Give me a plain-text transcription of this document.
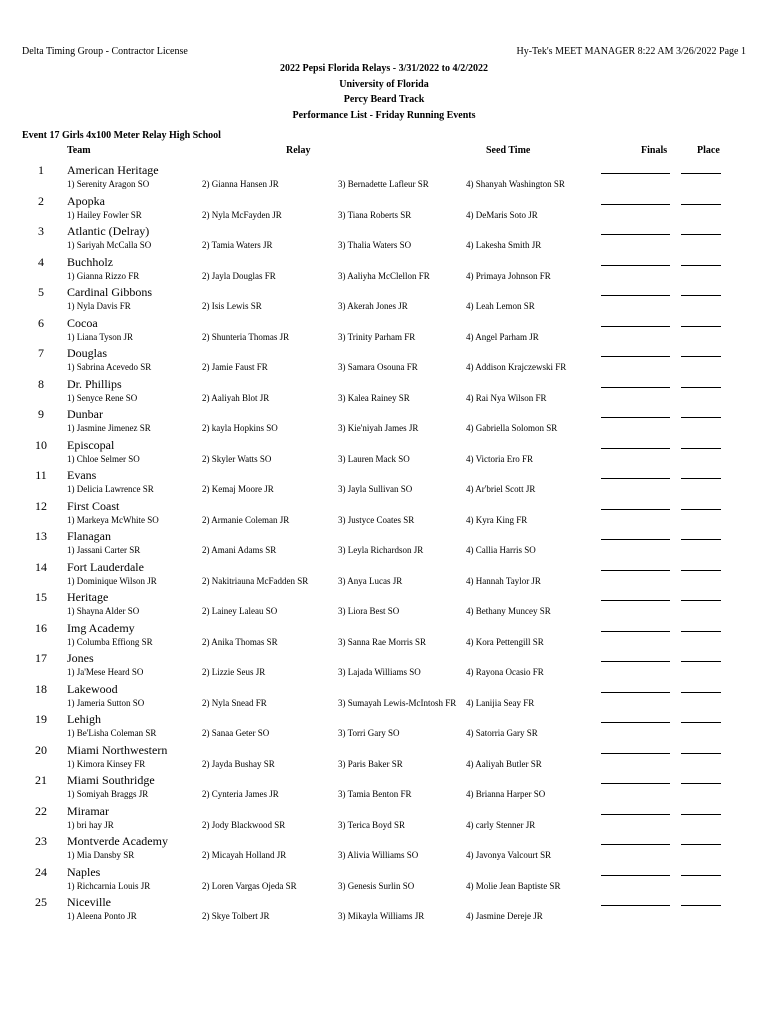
Delta Timing Group - Contractor License	Hy-Tek's MEET MANAGER 8:22 AM 3/26/2022 Page 1
2022 Pepsi Florida Relays - 3/31/2022 to 4/2/2022
University of Florida
Percy Beard Track
Performance List - Friday Running Events
Event 17 Girls 4x100 Meter Relay High School
Team	Relay	Seed Time	Finals	Place
1	American Heritage
1) Serenity Aragon SO	2) Gianna Hansen JR	3) Bernadette Lafleur SR	4) Shanyah Washington SR
2	Apopka
1) Hailey Fowler SR	2) Nyla McFayden JR	3) Tiana Roberts SR	4) DeMaris Soto JR
3	Atlantic (Delray)
1) Sariyah McCalla SO	2) Tamia Waters JR	3) Thalia Waters SO	4) Lakesha Smith JR
4	Buchholz
1) Gianna Rizzo FR	2) Jayla Douglas FR	3) Aaliyha McClellon FR	4) Primaya Johnson FR
5	Cardinal Gibbons
1) Nyla Davis FR	2) Isis Lewis SR	3) Akerah Jones JR	4) Leah Lemon SR
6	Cocoa
1) Liana Tyson JR	2) Shunteria Thomas JR	3) Trinity Parham FR	4) Angel Parham JR
7	Douglas
1) Sabrina Acevedo SR	2) Jamie Faust FR	3) Samara Osouna FR	4) Addison Krajczewski FR
8	Dr. Phillips
1) Senyce Rene SO	2) Aaliyah Blot JR	3) Kalea Rainey SR	4) Rai Nya Wilson FR
9	Dunbar
1) Jasmine Jimenez SR	2) kayla Hopkins SO	3) Kie'niyah James JR	4) Gabriella Solomon SR
10	Episcopal
1) Chloe Selmer SO	2) Skyler Watts SO	3) Lauren Mack SO	4) Victoria Ero FR
11	Evans
1) Delicia Lawrence SR	2) Kemaj Moore JR	3) Jayla Sullivan SO	4) Ar'briel Scott JR
12	First Coast
1) Markeya McWhite SO	2) Armanie Coleman JR	3) Justyce Coates SR	4) Kyra King FR
13	Flanagan
1) Jassani Carter SR	2) Amani Adams SR	3) Leyla Richardson JR	4) Callia Harris SO
14	Fort Lauderdale
1) Dominique Wilson JR	2) Nakitriauna McFadden SR	3) Anya Lucas JR	4) Hannah Taylor JR
15	Heritage
1) Shayna Alder SO	2) Lainey Laleau SO	3) Liora Best SO	4) Bethany Muncey SR
16	Img Academy
1) Columba Effiong SR	2) Anika Thomas SR	3) Sanna Rae Morris SR	4) Kora Pettengill SR
17	Jones
1) Ja'Mese Heard SO	2) Lizzie Seus JR	3) Lajada Williams SO	4) Rayona Ocasio FR
18	Lakewood
1) Jameria Sutton SO	2) Nyla Snead FR	3) Sumayah Lewis-McIntosh FR 4) Lanijia Seay FR
19	Lehigh
1) Be'Lisha Coleman SR	2) Sanaa Geter SO	3) Torri Gary SO	4) Satorria Gary SR
20	Miami Northwestern
1) Kimora Kinsey FR	2) Jayda Bushay SR	3) Paris Baker SR	4) Aaliyah Butler SR
21	Miami Southridge
1) Somiyah Braggs JR	2) Cynteria James JR	3) Tamia Benton FR	4) Brianna Harper SO
22	Miramar
1) bri hay JR	2) Jody Blackwood SR	3) Terica Boyd SR	4) carly Stenner JR
23	Montverde Academy
1) Mia Dansby SR	2) Micayah Holland JR	3) Alivia Williams SO	4) Javonya Valcourt SR
24	Naples
1) Richcarnia Louis JR	2) Loren Vargas Ojeda SR	3) Genesis Surlin SO	4) Molie Jean Baptiste SR
25	Niceville
1) Aleena Ponto JR	2) Skye Tolbert JR	3) Mikayla Williams JR	4) Jasmine Dereje JR
